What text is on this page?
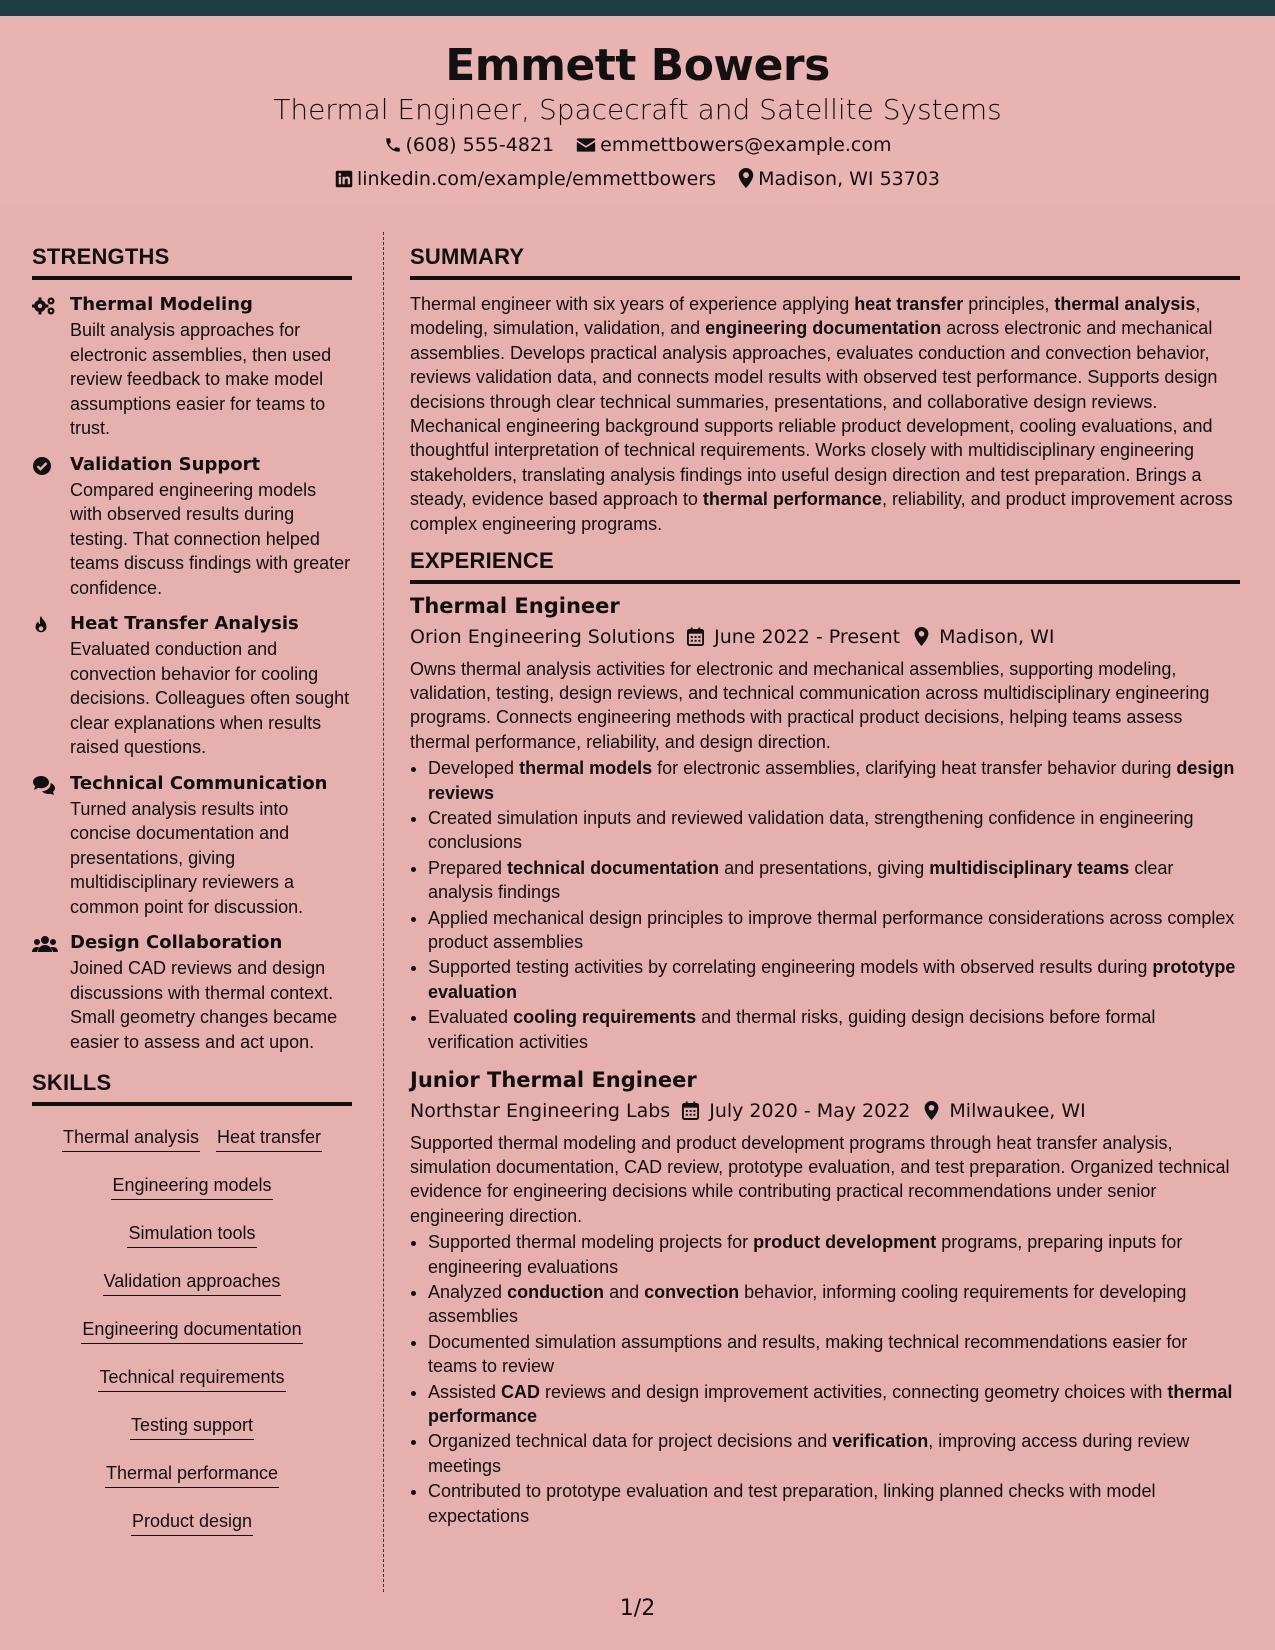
Emmett Bowers
Thermal Engineer, Spacecraft and Satellite Systems
(608) 555-4821 emmettbowers@example.com
linkedin.com/example/emmettbowers Madison, WI 53703
STRENGTHS
Thermal Modeling

Built analysis approaches for electronic assemblies, then used review feedback to make model assumptions easier for teams to trust.

Validation Support

Compared engineering models with observed results during testing. That connection helped teams discuss findings with greater confidence.

Heat Transfer Analysis

Evaluated conduction and convection behavior for cooling decisions. Colleagues often sought clear explanations when results raised questions.

Technical Communication

Turned analysis results into concise documentation and presentations, giving multidisciplinary reviewers a common point for discussion.

Design Collaboration

Joined CAD reviews and design discussions with thermal context. Small geometry changes became easier to assess and act upon.

SKILLS
Thermal analysis Heat transfer
Engineering models
Simulation tools
Validation approaches
Engineering documentation
Technical requirements
Testing support
Thermal performance
Product design

SUMMARY

Thermal engineer with six years of experience applying heat transfer principles, thermal analysis, modeling, simulation, validation, and engineering documentation across electronic and mechanical assemblies. Develops practical analysis approaches, evaluates conduction and convection behavior, reviews validation data, and connects model results with observed test performance. Supports design decisions through clear technical summaries, presentations, and collaborative design reviews. Mechanical engineering background supports reliable product development, cooling evaluations, and thoughtful interpretation of technical requirements. Works closely with multidisciplinary engineering stakeholders, translating analysis findings into useful design direction and test preparation. Brings a steady, evidence based approach to thermal performance, reliability, and product improvement across complex engineering programs.

EXPERIENCE
Thermal Engineer
Orion Engineering Solutions June 2022 - Present Madison, WI

Owns thermal analysis activities for electronic and mechanical assemblies, supporting modeling, validation, testing, design reviews, and technical communication across multidisciplinary engineering programs. Connects engineering methods with practical product decisions, helping teams assess thermal performance, reliability, and design direction.

• Developed thermal models for electronic assemblies, clarifying heat transfer behavior during design reviews
• Created simulation inputs and reviewed validation data, strengthening confidence in engineering conclusions
• Prepared technical documentation and presentations, giving multidisciplinary teams clear analysis findings
• Applied mechanical design principles to improve thermal performance considerations across complex product assemblies
• Supported testing activities by correlating engineering models with observed results during prototype evaluation
• Evaluated cooling requirements and thermal risks, guiding design decisions before formal verification activities
Junior Thermal Engineer
Northstar Engineering Labs July 2020 - May 2022 Milwaukee, WI

Supported thermal modeling and product development programs through heat transfer analysis, simulation documentation, CAD review, prototype evaluation, and test preparation. Organized technical evidence for engineering decisions while contributing practical recommendations under senior engineering direction.

• Supported thermal modeling projects for product development programs, preparing inputs for engineering evaluations
• Analyzed conduction and convection behavior, informing cooling requirements for developing assemblies
• Documented simulation assumptions and results, making technical recommendations easier for teams to review
• Assisted CAD reviews and design improvement activities, connecting geometry choices with thermal performance
• Organized technical data for project decisions and verification, improving access during review meetings
• Contributed to prototype evaluation and test preparation, linking planned checks with model expectations
1/2
